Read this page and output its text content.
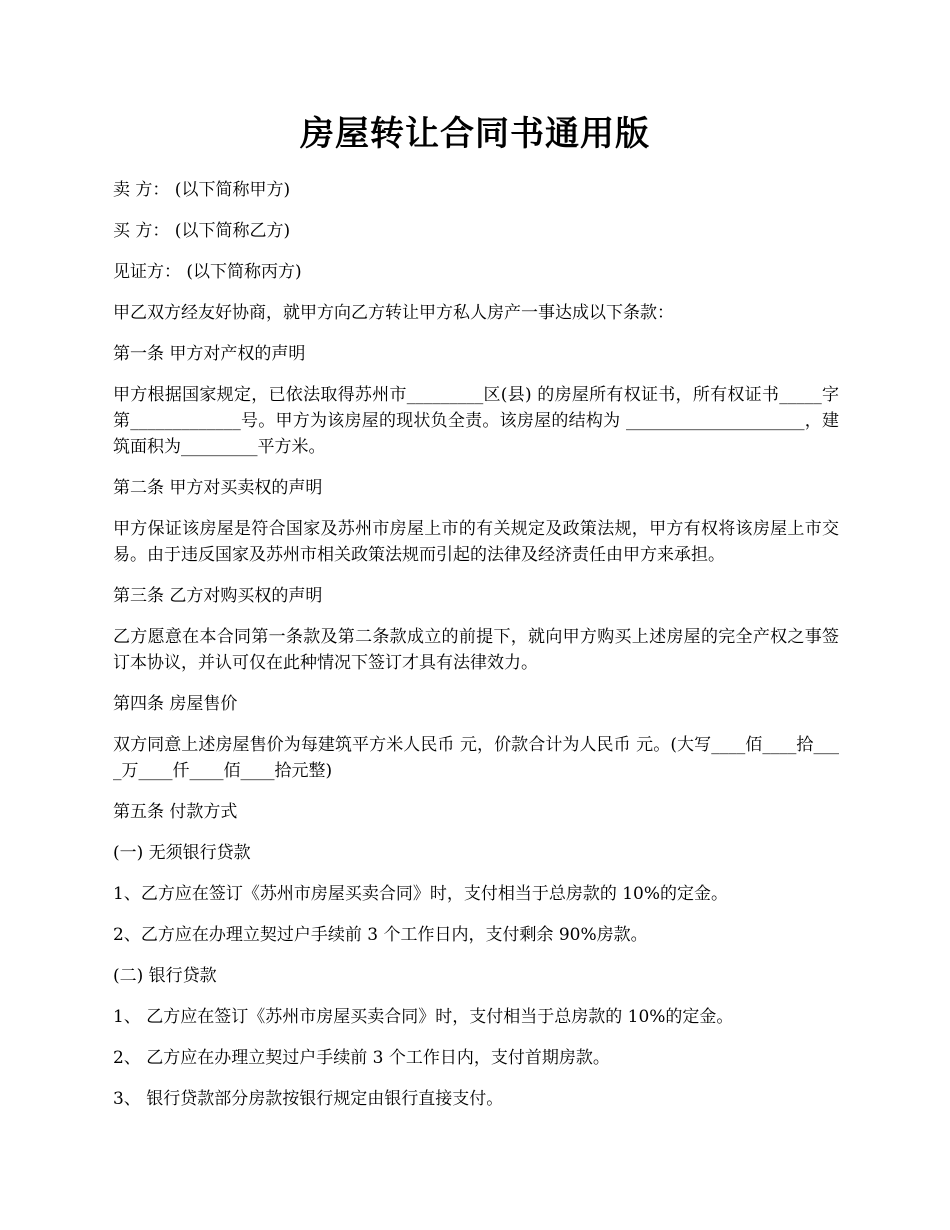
房屋转让合同书通用版

卖 方： (以下简称甲方)

买 方： (以下简称乙方)

见证方： (以下简称丙方)

甲乙双方经友好协商，就甲方向乙方转让甲方私人房产一事达成以下条款：

第一条 甲方对产权的声明

甲方根据国家规定，已依法取得苏州市_________区(县) 的房屋所有权证书，所有权证书_____字第_____________号。甲方为该房屋的现状负全责。该房屋的结构为 _____________________，建筑面积为_________平方米。

第二条 甲方对买卖权的声明

甲方保证该房屋是符合国家及苏州市房屋上市的有关规定及政策法规，甲方有权将该房屋上市交易。由于违反国家及苏州市相关政策法规而引起的法律及经济责任由甲方来承担。

第三条 乙方对购买权的声明

乙方愿意在本合同第一条款及第二条款成立的前提下，就向甲方购买上述房屋的完全产权之事签订本协议，并认可仅在此种情况下签订才具有法律效力。

第四条 房屋售价

双方同意上述房屋售价为每建筑平方米人民币 元，价款合计为人民币 元。(大写____佰____拾____万____仟____佰____拾元整)

第五条 付款方式

(一) 无须银行贷款

1、乙方应在签订《苏州市房屋买卖合同》时，支付相当于总房款的 10%的定金。

2、乙方应在办理立契过户手续前 3 个工作日内，支付剩余 90%房款。

(二) 银行贷款

1、 乙方应在签订《苏州市房屋买卖合同》时，支付相当于总房款的 10%的定金。

2、 乙方应在办理立契过户手续前 3 个工作日内，支付首期房款。

3、 银行贷款部分房款按银行规定由银行直接支付。
